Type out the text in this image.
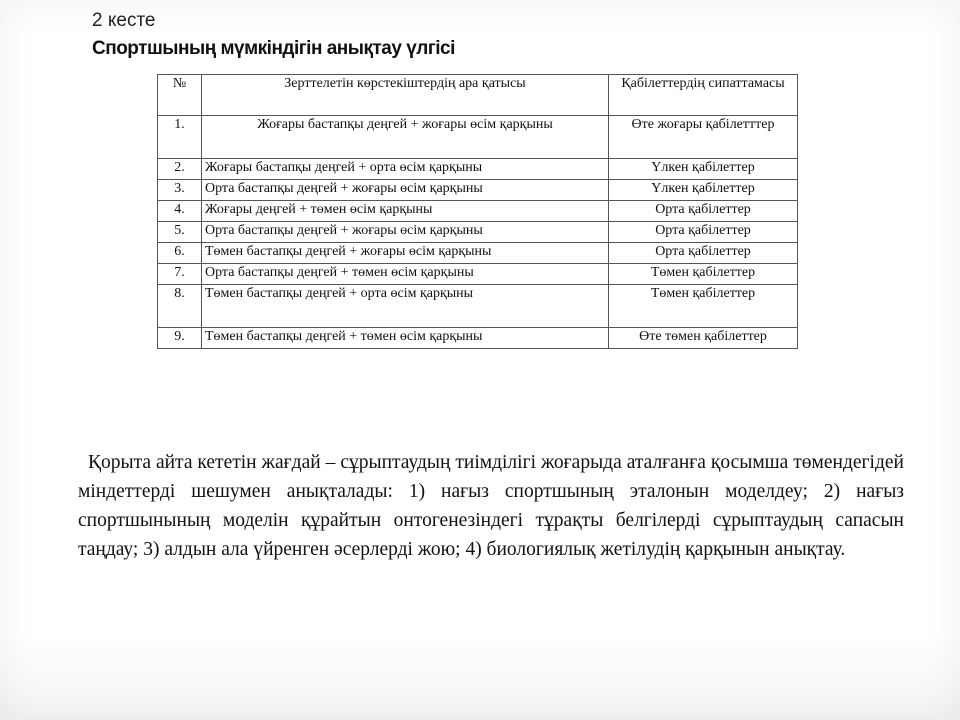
2 кесте
Спортшының мүмкіндігін анықтау үлгісі
№	Зерттелетін көрстекіштердің ара қатысы	Қабілеттердің сипаттамасы
1.	Жоғары бастапқы деңгей + жоғары өсім қарқыны	Өте жоғары қабілетттер
2.	Жоғары бастапқы деңгей + орта өсім қарқыны	Үлкен қабілеттер
3.	Орта бастапқы деңгей + жоғары өсім қарқыны	Үлкен қабілеттер
4.	Жоғары деңгей + төмен өсім қарқыны	Орта қабілеттер
5.	Орта бастапқы деңгей + жоғары өсім қарқыны	Орта қабілеттер
6.	Төмен бастапқы деңгей + жоғары өсім қарқыны	Орта қабілеттер
7.	Орта бастапқы деңгей + төмен өсім қарқыны	Төмен қабілеттер
8.	Төмен бастапқы деңгей + орта өсім қарқыны	Төмен қабілеттер
9.	Төмен бастапқы деңгей + төмен өсім қарқыны	Өте төмен қабілеттер
Қорыта айта кететін жағдай – сұрыптаудың тиімділігі жоғарыда аталғанға қосымша төмендегідей міндеттерді шешумен анықталады: 1) нағыз спортшының эталонын моделдеу; 2) нағыз спортшынының моделін құрайтын онтогенезіндегі тұрақты белгілерді сұрыптаудың сапасын таңдау; 3) алдын ала үйренген әсерлерді жою; 4) биологиялық жетілудің қарқынын анықтау.
